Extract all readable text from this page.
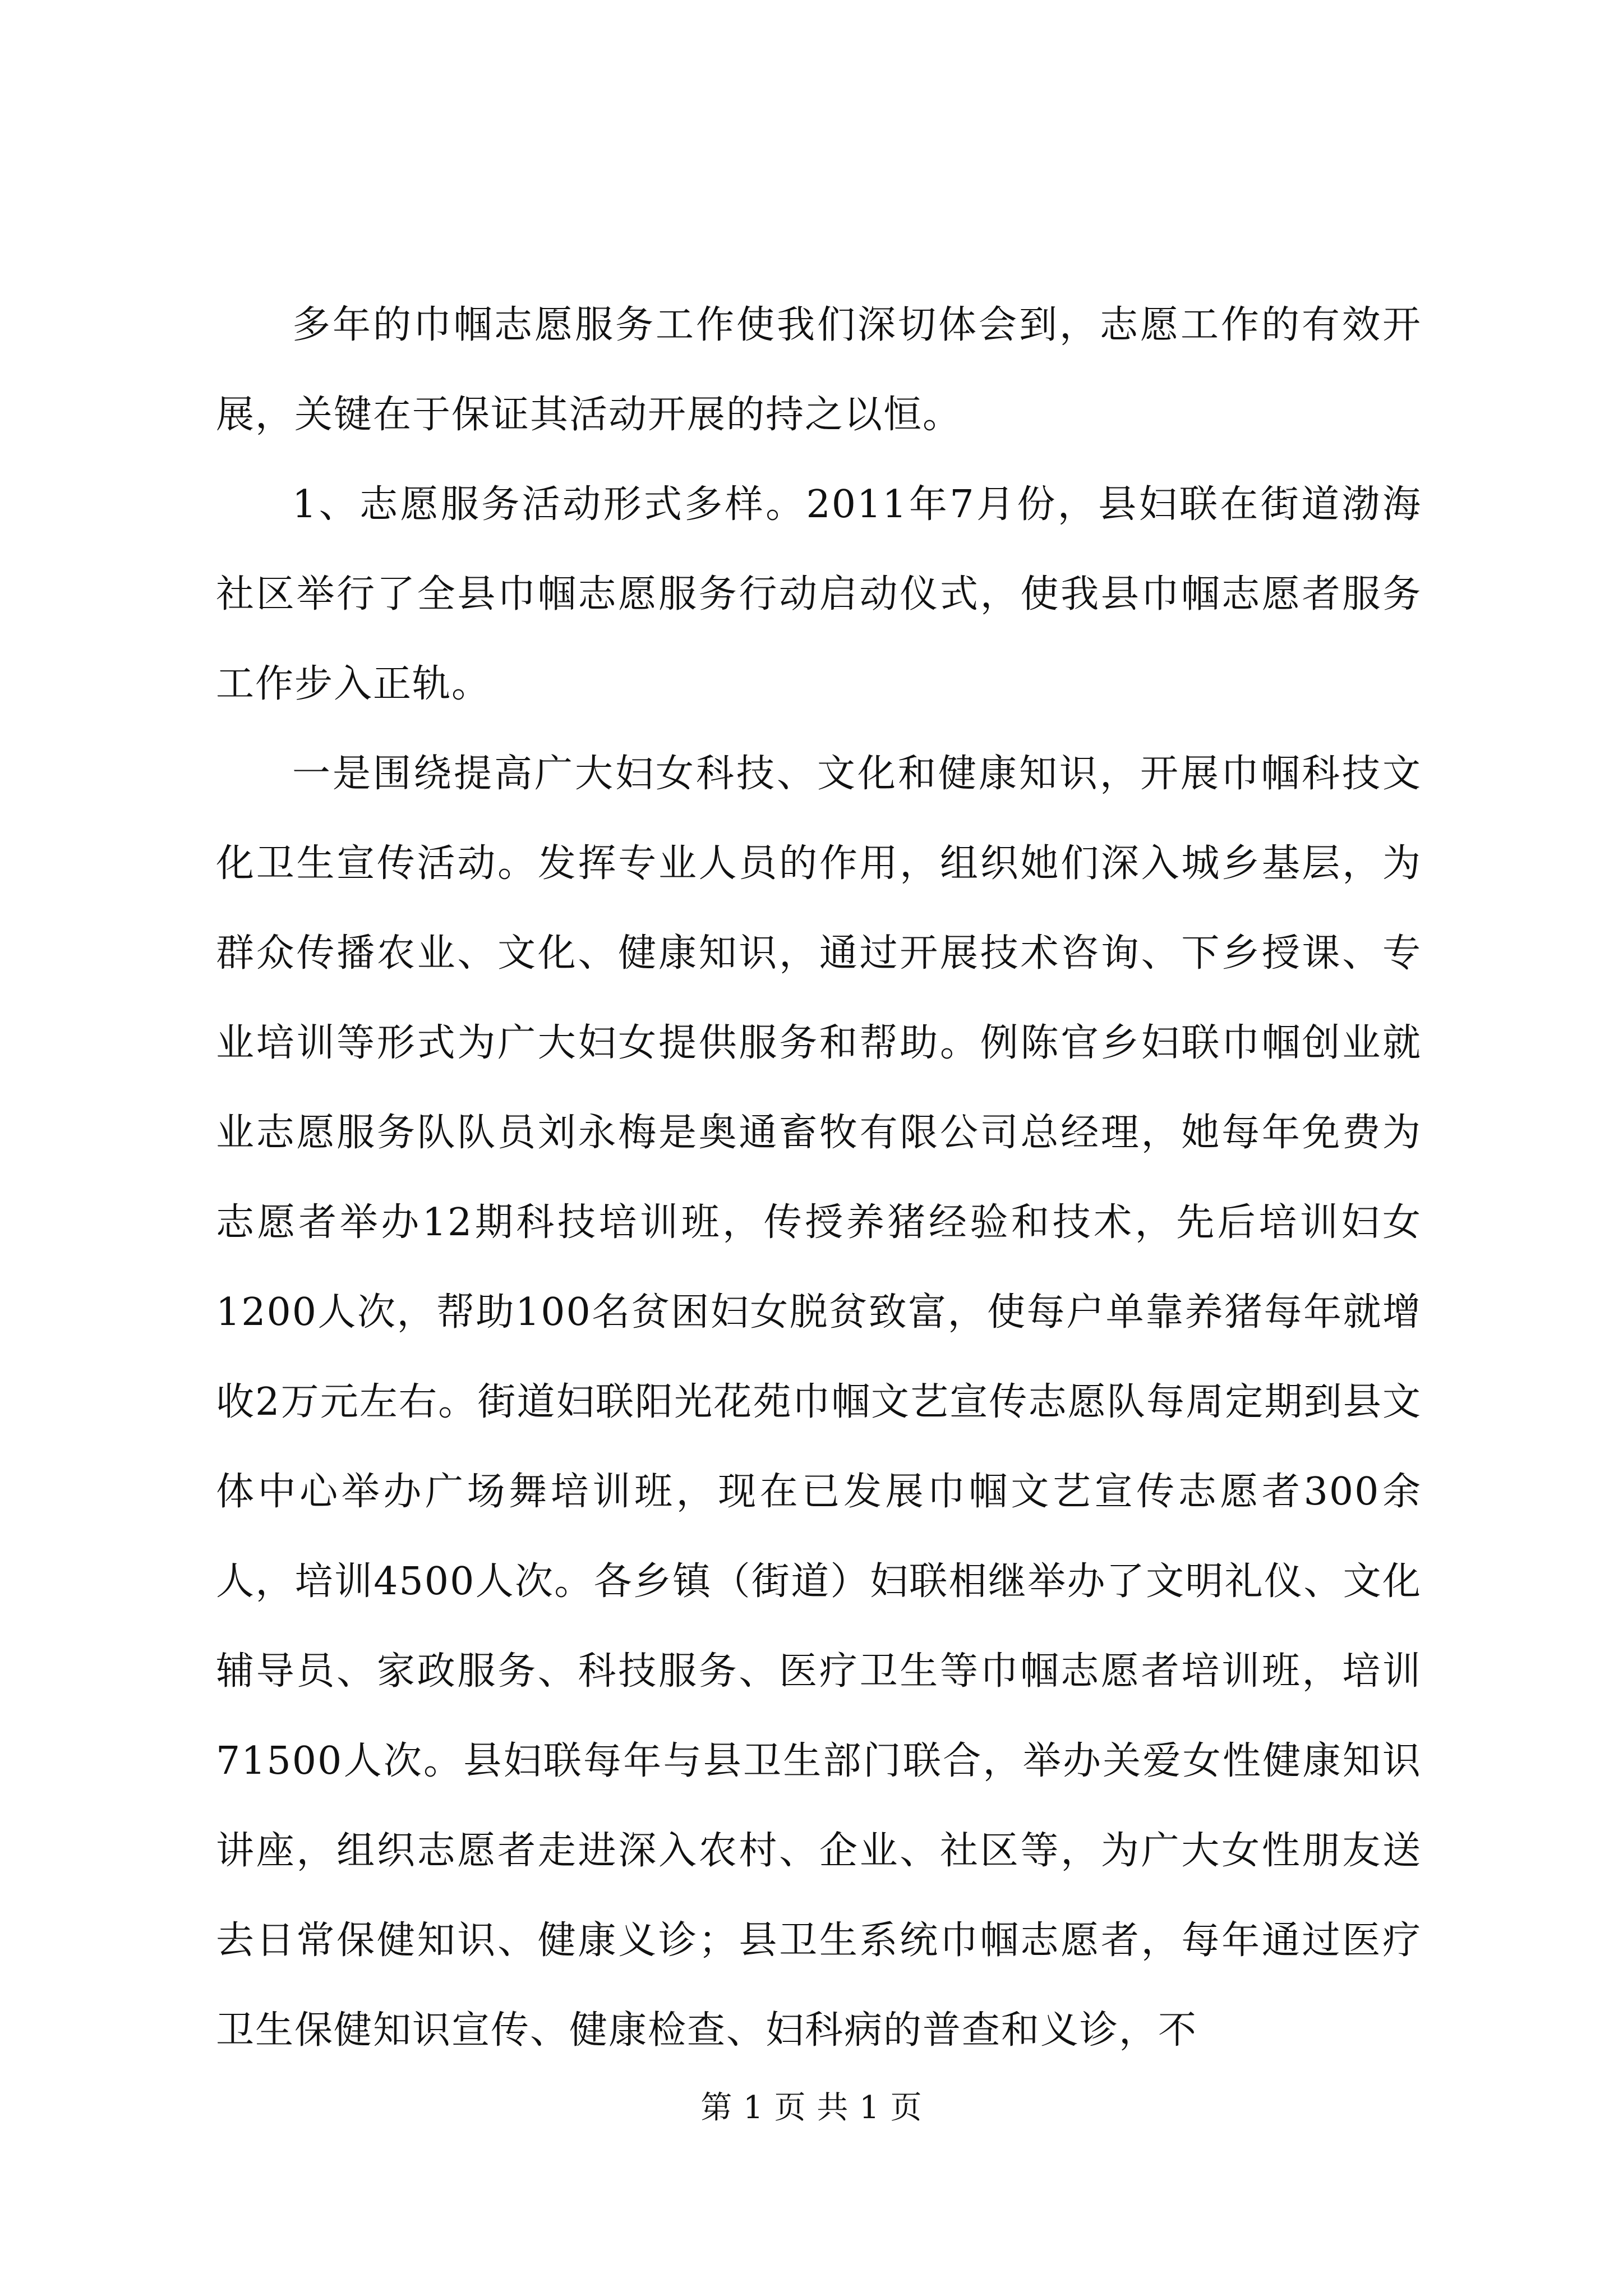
多年的巾帼志愿服务工作使我们深切体会到，志愿工作的有效开展，关键在于保证其活动开展的持之以恒。

1、志愿服务活动形式多样。2011年7月份，县妇联在街道渤海社区举行了全县巾帼志愿服务行动启动仪式，使我县巾帼志愿者服务工作步入正轨。

一是围绕提高广大妇女科技、文化和健康知识，开展巾帼科技文化卫生宣传活动。发挥专业人员的作用，组织她们深入城乡基层，为群众传播农业、文化、健康知识，通过开展技术咨询、下乡授课、专业培训等形式为广大妇女提供服务和帮助。例陈官乡妇联巾帼创业就业志愿服务队队员刘永梅是奥通畜牧有限公司总经理，她每年免费为志愿者举办12期科技培训班，传授养猪经验和技术，先后培训妇女1200人次，帮助100名贫困妇女脱贫致富，使每户单靠养猪每年就增收2万元左右。街道妇联阳光花苑巾帼文艺宣传志愿队每周定期到县文体中心举办广场舞培训班，现在已发展巾帼文艺宣传志愿者300余人，培训4500人次。各乡镇（街道）妇联相继举办了文明礼仪、文化辅导员、家政服务、科技服务、医疗卫生等巾帼志愿者培训班，培训71500人次。县妇联每年与县卫生部门联合，举办关爱女性健康知识讲座，组织志愿者走进深入农村、企业、社区等，为广大女性朋友送去日常保健知识、健康义诊；县卫生系统巾帼志愿者，每年通过医疗卫生保健知识宣传、健康检查、妇科病的普查和义诊，不

第 1 页 共 1 页
